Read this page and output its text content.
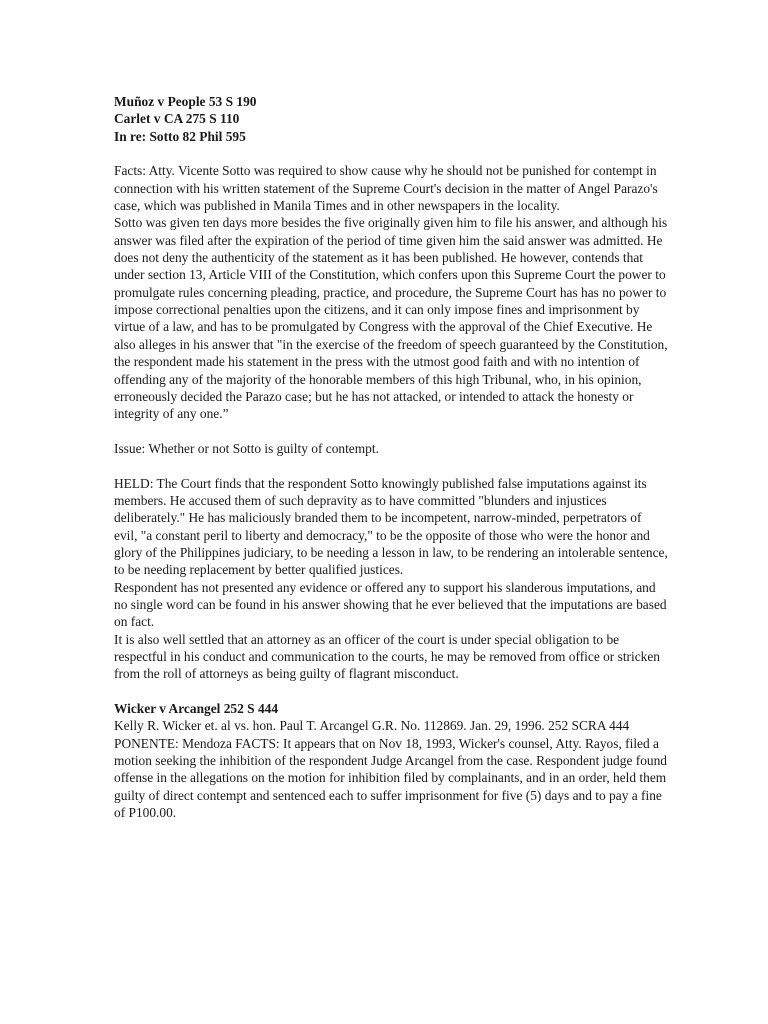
Muñoz v People 53 S 190

Carlet v CA 275 S 110

In re: Sotto 82 Phil 595

Facts: Atty. Vicente Sotto was required to show cause why he should not be punished for contempt in connection with his written statement of the Supreme Court's decision in the matter of Angel Parazo's case, which was published in Manila Times and in other newspapers in the locality.

Sotto was given ten days more besides the five originally given him to file his answer, and although his answer was filed after the expiration of the period of time given him the said answer was admitted. He does not deny the authenticity of the statement as it has been published. He however, contends that under section 13, Article VIII of the Constitution, which confers upon this Supreme Court the power to promulgate rules concerning pleading, practice, and procedure, the Supreme Court has has no power to impose correctional penalties upon the citizens, and it can only impose fines and imprisonment by virtue of a law, and has to be promulgated by Congress with the approval of the Chief Executive. He also alleges in his answer that "in the exercise of the freedom of speech guaranteed by the Constitution, the respondent made his statement in the press with the utmost good faith and with no intention of offending any of the majority of the honorable members of this high Tribunal, who, in his opinion, erroneously decided the Parazo case; but he has not attacked, or intended to attack the honesty or integrity of any one.”

Issue: Whether or not Sotto is guilty of contempt.

HELD: The Court finds that the respondent Sotto knowingly published false imputations against its members. He accused them of such depravity as to have committed "blunders and injustices deliberately." He has maliciously branded them to be incompetent, narrow-minded, perpetrators of evil, "a constant peril to liberty and democracy," to be the opposite of those who were the honor and glory of the Philippines judiciary, to be needing a lesson in law, to be rendering an intolerable sentence, to be needing replacement by better qualified justices.

Respondent has not presented any evidence or offered any to support his slanderous imputations, and no single word can be found in his answer showing that he ever believed that the imputations are based on fact.

It is also well settled that an attorney as an officer of the court is under special obligation to be respectful in his conduct and communication to the courts, he may be removed from office or stricken from the roll of attorneys as being guilty of flagrant misconduct.

Wicker v Arcangel 252 S 444

Kelly R. Wicker et. al vs. hon. Paul T. Arcangel G.R. No. 112869. Jan. 29, 1996. 252 SCRA 444 PONENTE: Mendoza FACTS: It appears that on Nov 18, 1993, Wicker's counsel, Atty. Rayos, filed a motion seeking the inhibition of the respondent Judge Arcangel from the case. Respondent judge found offense in the allegations on the motion for inhibition filed by complainants, and in an order, held them guilty of direct contempt and sentenced each to suffer imprisonment for five (5) days and to pay a fine of P100.00.
